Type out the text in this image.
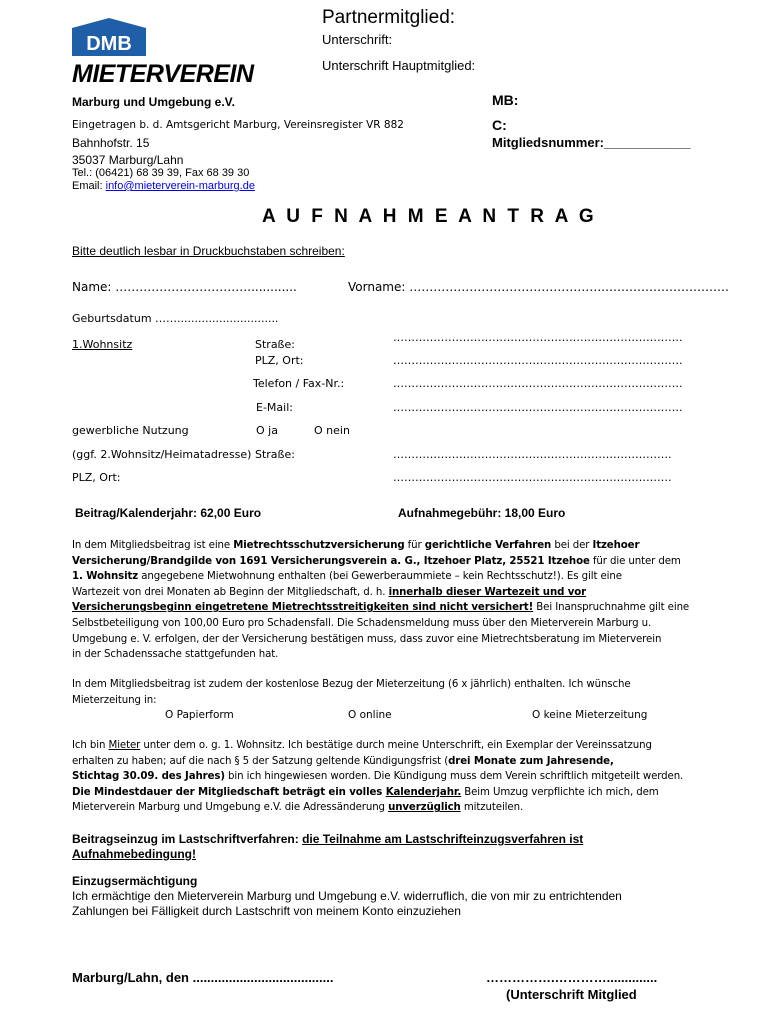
DMB
MIETERVEREIN
Marburg und Umgebung e.V.
Eingetragen b. d. Amtsgericht Marburg, Vereinsregister VR 882
Bahnhofstr. 15
35037 Marburg/Lahn
Tel.: (06421) 68 39 39, Fax 68 39 30
Email: info@mieterverein-marburg.de
Partnermitglied:
Unterschrift:
Unterschrift Hauptmitglied:
MB:
C:
Mitgliedsnummer:____________
A U F N A H M E A N T R A G
Bitte deutlich lesbar in Druckbuchstaben schreiben:
Name: …………………………….............	Vorname: ………………………………………….………………………….
Geburtsdatum …….............................
1.Wohnsitz	Straße:
…………………………………………………………………….
PLZ, Ort:	…………………………………………………………………….
Telefon / Fax-Nr.:	…………………………………………………………………….
E-Mail:	…………………………………………………………………….
gewerbliche Nutzung	O ja	O nein
(ggf. 2.Wohnsitz/Heimatadresse) Straße:	………………………………………………………………….
PLZ, Ort:	………………………………………………………………….
Beitrag/Kalenderjahr: 62,00 Euro	Aufnahmegebühr: 18,00 Euro

In dem Mitgliedsbeitrag ist eine Mietrechtsschutzversicherung für gerichtliche Verfahren bei der Itzehoer

Versicherung/Brandgilde von 1691 Versicherungsverein a. G., Itzehoer Platz, 25521 Itzehoe für die unter dem

1. Wohnsitz angegebene Mietwohnung enthalten (bei Gewerberaummiete – kein Rechtsschutz!). Es gilt eine

Wartezeit von drei Monaten ab Beginn der Mitgliedschaft, d. h. innerhalb dieser Wartezeit und vor

Versicherungsbeginn eingetretene Mietrechtsstreitigkeiten sind nicht versichert! Bei Inanspruchnahme gilt eine

Selbstbeteiligung von 100,00 Euro pro Schadensfall. Die Schadensmeldung muss über den Mieterverein Marburg u.

Umgebung e. V. erfolgen, der der Versicherung bestätigen muss, dass zuvor eine Mietrechtsberatung im Mieterverein

in der Schadenssache stattgefunden hat.

In dem Mitgliedsbeitrag ist zudem der kostenlose Bezug der Mieterzeitung (6 x jährlich) enthalten. Ich wünsche

Mieterzeitung in:

O Papierform	O online	O keine Mieterzeitung

Ich bin Mieter unter dem o. g. 1. Wohnsitz. Ich bestätige durch meine Unterschrift, ein Exemplar der Vereinssatzung

erhalten zu haben; auf die nach § 5 der Satzung geltende Kündigungsfrist (drei Monate zum Jahresende,

Stichtag 30.09. des Jahres) bin ich hingewiesen worden. Die Kündigung muss dem Verein schriftlich mitgeteilt werden.

Die Mindestdauer der Mitgliedschaft beträgt ein volles Kalenderjahr. Beim Umzug verpflichte ich mich, dem

Mieterverein Marburg und Umgebung e.V. die Adressänderung unverzüglich mitzuteilen.

Beitragseinzug im Lastschriftverfahren: die Teilnahme am Lastschrifteinzugsverfahren ist
Aufnahmebedingung!
Einzugsermächtigung
Ich ermächtige den Mieterverein Marburg und Umgebung e.V. widerruflich, die von mir zu entrichtenden
Zahlungen bei Fälligkeit durch Lastschrift von meinem Konto einzuziehen
Marburg/Lahn, den .......................................	…………….…………..............
(Unterschrift Mitglied
